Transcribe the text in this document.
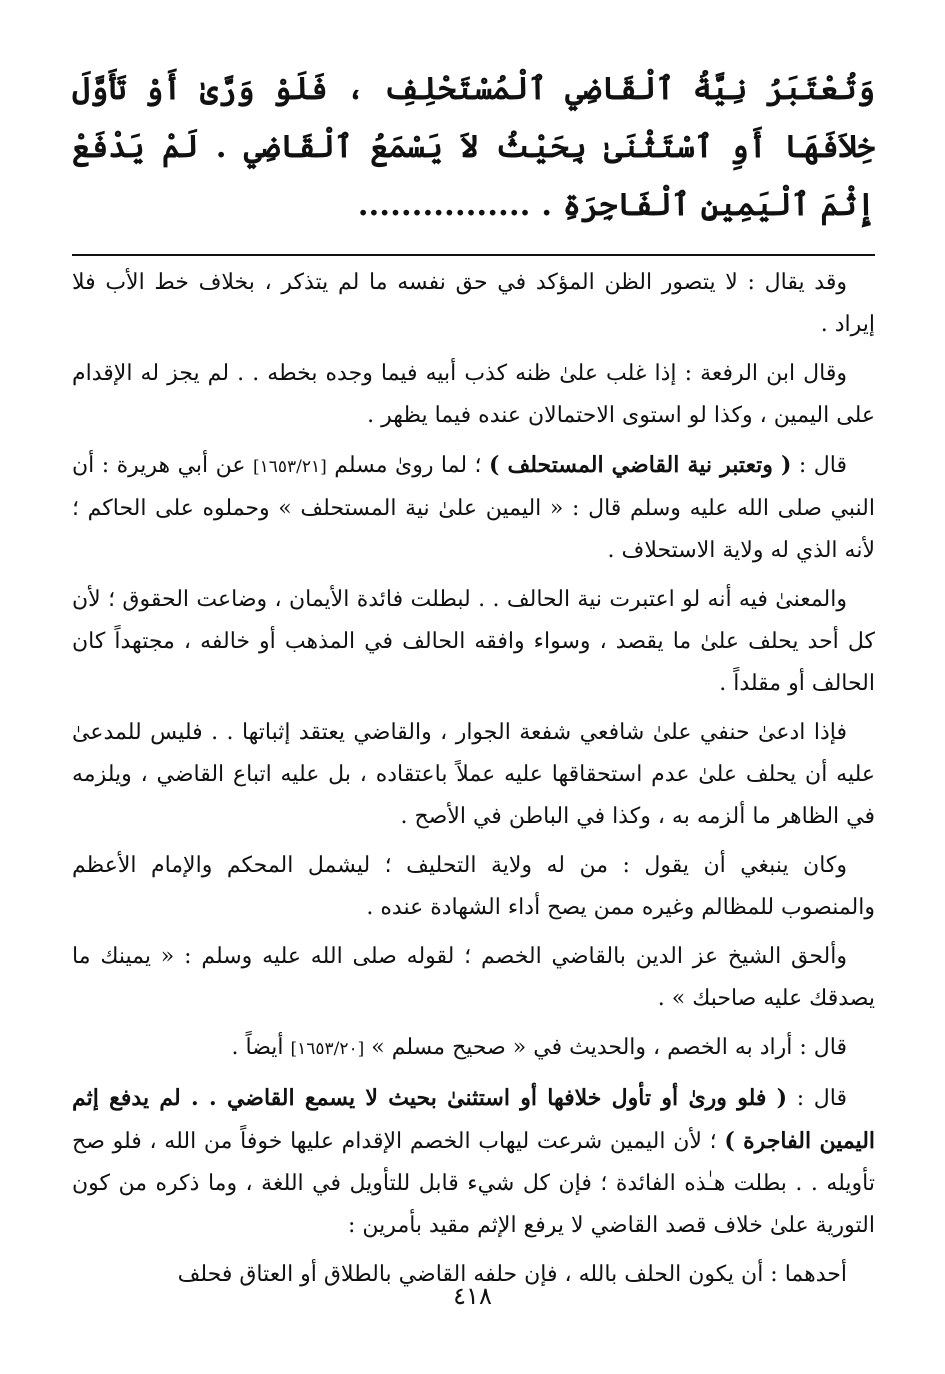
وَتُعْتَبَرُ نِيَّةُ ٱلْقَاضِي ٱلْمُسْتَحْلِفِ ، فَلَوْ وَرَّىٰ أَوْ تَأَوَّلَ خِلاَفَهَا أَوِ ٱسْتَثْنَىٰ بِحَيْثُ لاَ يَسْمَعُ ٱلْقَاضِي . لَمْ يَدْفَعْ إِثْمَ ٱلْيَمِينِ ٱلْفَاجِرَةِ . ................

وقد يقال : لا يتصور الظن المؤكد في حق نفسه ما لم يتذكر ، بخلاف خط الأب فلا إيراد .

وقال ابن الرفعة : إذا غلب علىٰ ظنه كذب أبيه فيما وجده بخطه . . لم يجز له الإقدام على اليمين ، وكذا لو استوى الاحتمالان عنده فيما يظهر .

قال : ( وتعتبر نية القاضي المستحلف ) ؛ لما روىٰ مسلم [١٦٥٣/٢١] عن أبي هريرة : أن النبي صلى الله عليه وسلم قال : « اليمين علىٰ نية المستحلف » وحملوه على الحاكم ؛ لأنه الذي له ولاية الاستحلاف .

والمعنىٰ فيه أنه لو اعتبرت نية الحالف . . لبطلت فائدة الأيمان ، وضاعت الحقوق ؛ لأن كل أحد يحلف علىٰ ما يقصد ، وسواء وافقه الحالف في المذهب أو خالفه ، مجتهداً كان الحالف أو مقلداً .

فإذا ادعىٰ حنفي علىٰ شافعي شفعة الجوار ، والقاضي يعتقد إثباتها . . فليس للمدعىٰ عليه أن يحلف علىٰ عدم استحقاقها عليه عملاً باعتقاده ، بل عليه اتباع القاضي ، ويلزمه في الظاهر ما ألزمه به ، وكذا في الباطن في الأصح .

وكان ينبغي أن يقول : من له ولاية التحليف ؛ ليشمل المحكم والإمام الأعظم والمنصوب للمظالم وغيره ممن يصح أداء الشهادة عنده .

وألحق الشيخ عز الدين بالقاضي الخصم ؛ لقوله صلى الله عليه وسلم : « يمينك ما يصدقك عليه صاحبك » .

قال : أراد به الخصم ، والحديث في « صحيح مسلم » [١٦٥٣/٢٠] أيضاً .

قال : ( فلو ورىٰ أو تأول خلافها أو استثنىٰ بحيث لا يسمع القاضي . . لم يدفع إثم اليمين الفاجرة ) ؛ لأن اليمين شرعت ليهاب الخصم الإقدام عليها خوفاً من الله ، فلو صح تأويله . . بطلت هـٰذه الفائدة ؛ فإن كل شيء قابل للتأويل في اللغة ، وما ذكره من كون التورية علىٰ خلاف قصد القاضي لا يرفع الإثم مقيد بأمرين :

أحدهما : أن يكون الحلف بالله ، فإن حلفه القاضي بالطلاق أو العتاق فحلف

٤١٨
